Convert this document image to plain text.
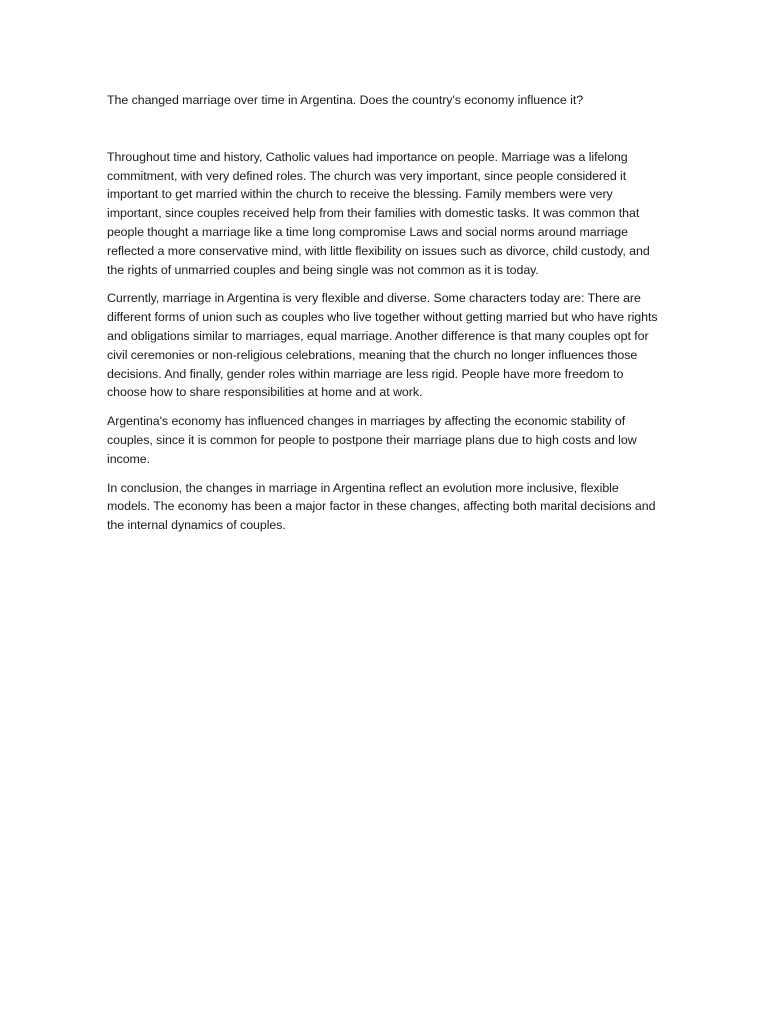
The changed marriage over time in Argentina. Does the country's economy influence it?

Throughout time and history, Catholic values had importance on people. Marriage was a lifelong commitment, with very defined roles. The church was very important, since people considered it important to get married within the church to receive the blessing. Family members were very important, since couples received help from their families with domestic tasks. It was common that people thought a marriage like a time long compromise Laws and social norms around marriage reflected a more conservative mind, with little flexibility on issues such as divorce, child custody, and the rights of unmarried couples and being single was not common as it is today.

Currently, marriage in Argentina is very flexible and diverse. Some characters today are: There are different forms of union such as couples who live together without getting married but who have rights and obligations similar to marriages, equal marriage. Another difference is that many couples opt for civil ceremonies or non-religious celebrations, meaning that the church no longer influences those decisions. And finally, gender roles within marriage are less rigid. People have more freedom to choose how to share responsibilities at home and at work.

Argentina's economy has influenced changes in marriages by affecting the economic stability of couples, since it is common for people to postpone their marriage plans due to high costs and low income.

In conclusion, the changes in marriage in Argentina reflect an evolution more inclusive, flexible models. The economy has been a major factor in these changes, affecting both marital decisions and the internal dynamics of couples.
